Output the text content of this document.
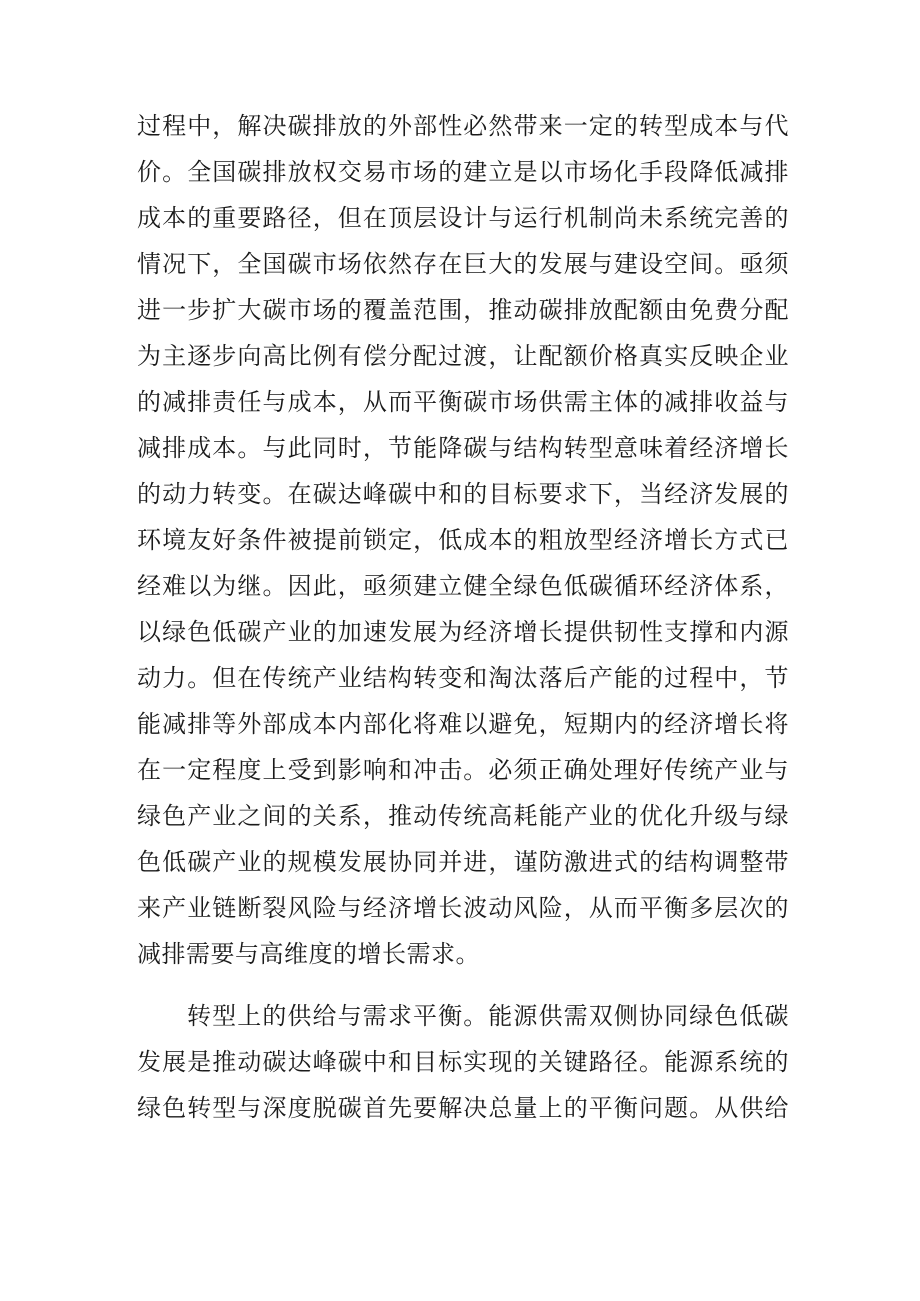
过程中，解决碳排放的外部性必然带来一定的转型成本与代
价。全国碳排放权交易市场的建立是以市场化手段降低减排
成本的重要路径，但在顶层设计与运行机制尚未系统完善的
情况下，全国碳市场依然存在巨大的发展与建设空间。亟须
进一步扩大碳市场的覆盖范围，推动碳排放配额由免费分配
为主逐步向高比例有偿分配过渡，让配额价格真实反映企业
的减排责任与成本，从而平衡碳市场供需主体的减排收益与
减排成本。与此同时，节能降碳与结构转型意味着经济增长
的动力转变。在碳达峰碳中和的目标要求下，当经济发展的
环境友好条件被提前锁定，低成本的粗放型经济增长方式已
经难以为继。因此，亟须建立健全绿色低碳循环经济体系，
以绿色低碳产业的加速发展为经济增长提供韧性支撑和内源
动力。但在传统产业结构转变和淘汰落后产能的过程中，节
能减排等外部成本内部化将难以避免，短期内的经济增长将
在一定程度上受到影响和冲击。必须正确处理好传统产业与
绿色产业之间的关系，推动传统高耗能产业的优化升级与绿
色低碳产业的规模发展协同并进，谨防激进式的结构调整带
来产业链断裂风险与经济增长波动风险，从而平衡多层次的
减排需要与高维度的增长需求。
转型上的供给与需求平衡。能源供需双侧协同绿色低碳
发展是推动碳达峰碳中和目标实现的关键路径。能源系统的
绿色转型与深度脱碳首先要解决总量上的平衡问题。从供给
